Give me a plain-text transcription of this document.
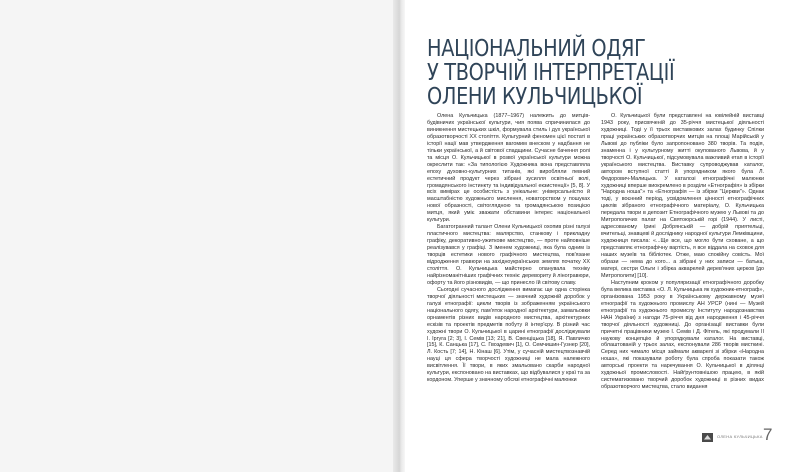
НАЦІОНАЛЬНИЙ ОДЯГ
У ТВОРЧІЙ ІНТЕРПРЕТАЦІЇ
ОЛЕНИ КУЛЬЧИЦЬКОЇ

Олена Кульчицька (1877–1967) належить до митців-будівничих української культури, чия поява спричинилася до виникнення мистецьких шкіл, формувала стиль і дух української образотворчості ХХ століття. Культурний феномен цієї постаті в історії нації мав утвердження вагомим внеском у надбання не тільки української, а й світової спадщини. Сучасне бачення ролі та місця О. Кульчицької в розвої української культури можна окреслити так: «За типологією Художника вона представляла епоху духовно-культурних титанів, які виробляли певний естетичний продукт через зібрані зусилля освітньої волі, громадянського інстинкту та індивідуальної екзистенції» [5, 8]. У всіх вимірах це особистість з унікальне: універсальністю й масштабністю художнього мислення, новаторством у пошуках нової образності, світоглядною та громадянською позицією митця, який уміє зважати обставини інтерес національної культури.

Багатогранний талант Олени Кульчицької охопив різні галузі пластичного мистецтва: малярство, станкову і прикладну графіку, декоративно-ужиткове мистецтво, — проте найповніше реалізувався у графіці. З іменем художниці, яка була одним із творців естетики нового графічного мистецтва, пов'язане відродження гравюри на західноукраїнських землях початку ХХ століття. О. Кульчицька майстерно опанувала техніку найрізноманітніших графічних технік: деревориту й ліногравюри, офорту та його різновидів, — що принесло їй світову славу.

Сьогодні сучасного дослідження вимагає ще одна сторінка творчої діяльності мистецьких — значний художній доробок у галузі етнографії: цикли творів із зображенням українського національного одягу, пам'яток народної архітектури, замальовки орнаментів різних видів народного мистецтва, архітектурних ескізів та проектів предметів побуту й інтер'єру. В різний час художні твори О. Кульчицької в царині етнографії досліджували І. Іргуга [2; 3], І. Семів [13; 21], В. Свенціцька [18], Я. Павличко [15], К. Санцька [17], С. Гвоздевич [1], О. Семчишин-Гузнер [20], Л. Кость [7; 14], Н. Кінаш [6]. Утім, у сучасній мистецтвознавчій науці ця сфера творчості художниці не мала належного висвітлення. Її твори, в яких змальовано скарби народної культури, експоновано на виставках, що відбувалися у краї та за кордоном. Уперше у значному обсязі етнографічні малюнки

О. Кульчицької були представлені на ювілейній виставці 1943 року, присвяченій до 35-річчя мистецької діяльності художниці. Тоді у її трьох виставкових залах будинку Спілки праці українських образотворчих митців на площі Марійській у Львові до публіки було запропоновано 380 творів. Та подія, знаменна і у культурному житті окупованого Львова, й у творчості О. Кульчицької, підсумовувала важливий етап в історії українського мистецтва. Виставку супроводжував каталог, автором вступної статті й упорядником якого була Л. Федорович-Малицька. У каталозі етнографічні малюнки художниці вперше виокремлено в розділи «Етнографія» із збірки "Народна ноша"» та «Етнографія — із збірки "Церкви"». Однак тоді, у воєнний період, усвідомлення цінності етнографічних циклів зібраного етнографічного матеріалу, О. Кульчицька передала твори в депозит Етнографічного музею у Львові та до Митрополичих палат на Святоюрській горі (1944). У листі, адресованому Ірині Добрянській — добрій приятельці, вчительці, знавцеві й досліднику народної культури Лемківщини, художниця писала: «...Ще все, що могло бути сховане, а що представляє етнографічну вартість, я все віддала на сховок для наших музеїв та бібліотек. Отже, маю спокійну совість. Мої образи — нема до кого... а зібрані у них записи — батька, матері, сестри Ольги і збірка акварелей дерев'яних церков [до Митрополити] [10].

Наступним кроком у популяризації етнографічного доробку була велика виставка «О. Л. Кульчицька як художник-етнограф», організована 1953 року в Українському державному музеї етнографії та художнього промислу АН УРСР (нині — Музей етнографії та художнього промислу Інституту народознавства НАН України) з нагоди 75-річчя від дня народження і 45-річчя творчої діяльності художниці. До організації виставки були причетні працівники музею І. Семів і Д. Фітель, які продумали ІІ наукову концепцію й упорядкували каталог. На виставці, облаштованій у трьох залах, експонували 286 творів мисткині. Серед них чимало місця займали акварелі зі збірки «Народна ноша», які показували роботу була спроба показати також авторські проекти та наречування О. Кульчицької в ділянці художньої промисловості. Найґрунтовнішою працею, в якій систематизовано творчий доробок художниці в різних видах образотворчого мистецтва, стало видання

ОЛЕНА КУЛЬЧИЦЬКА 7
